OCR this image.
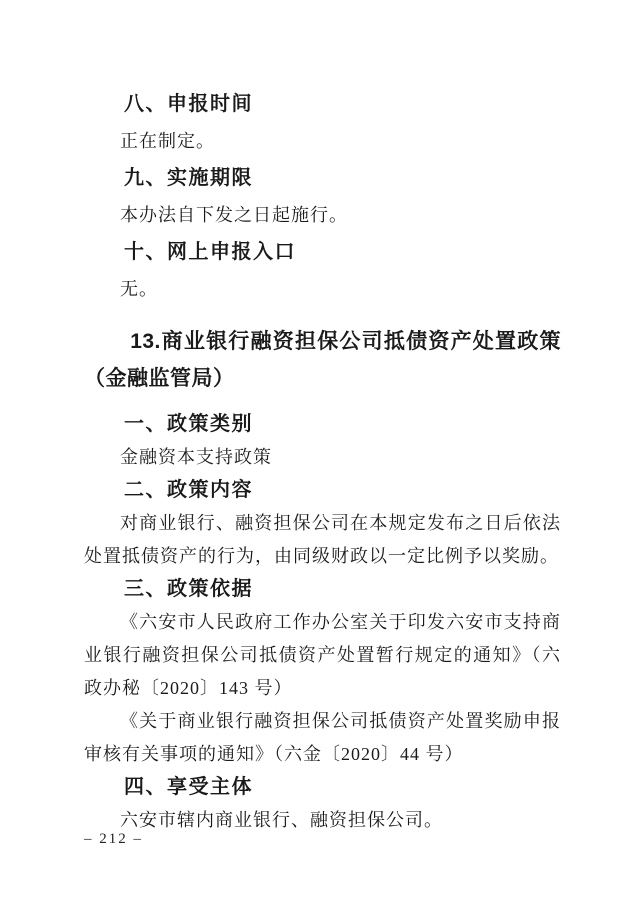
八、申报时间
正在制定。
九、实施期限
本办法自下发之日起施行。
十、网上申报入口
无。
13.商业银行融资担保公司抵债资产处置政策（金融监管局）
一、政策类别
金融资本支持政策
二、政策内容
对商业银行、融资担保公司在本规定发布之日后依法处置抵债资产的行为，由同级财政以一定比例予以奖励。
三、政策依据
《六安市人民政府工作办公室关于印发六安市支持商业银行融资担保公司抵债资产处置暂行规定的通知》（六政办秘〔2020〕143 号）
《关于商业银行融资担保公司抵债资产处置奖励申报审核有关事项的通知》（六金〔2020〕44 号）
四、享受主体
六安市辖内商业银行、融资担保公司。
– 212 –
